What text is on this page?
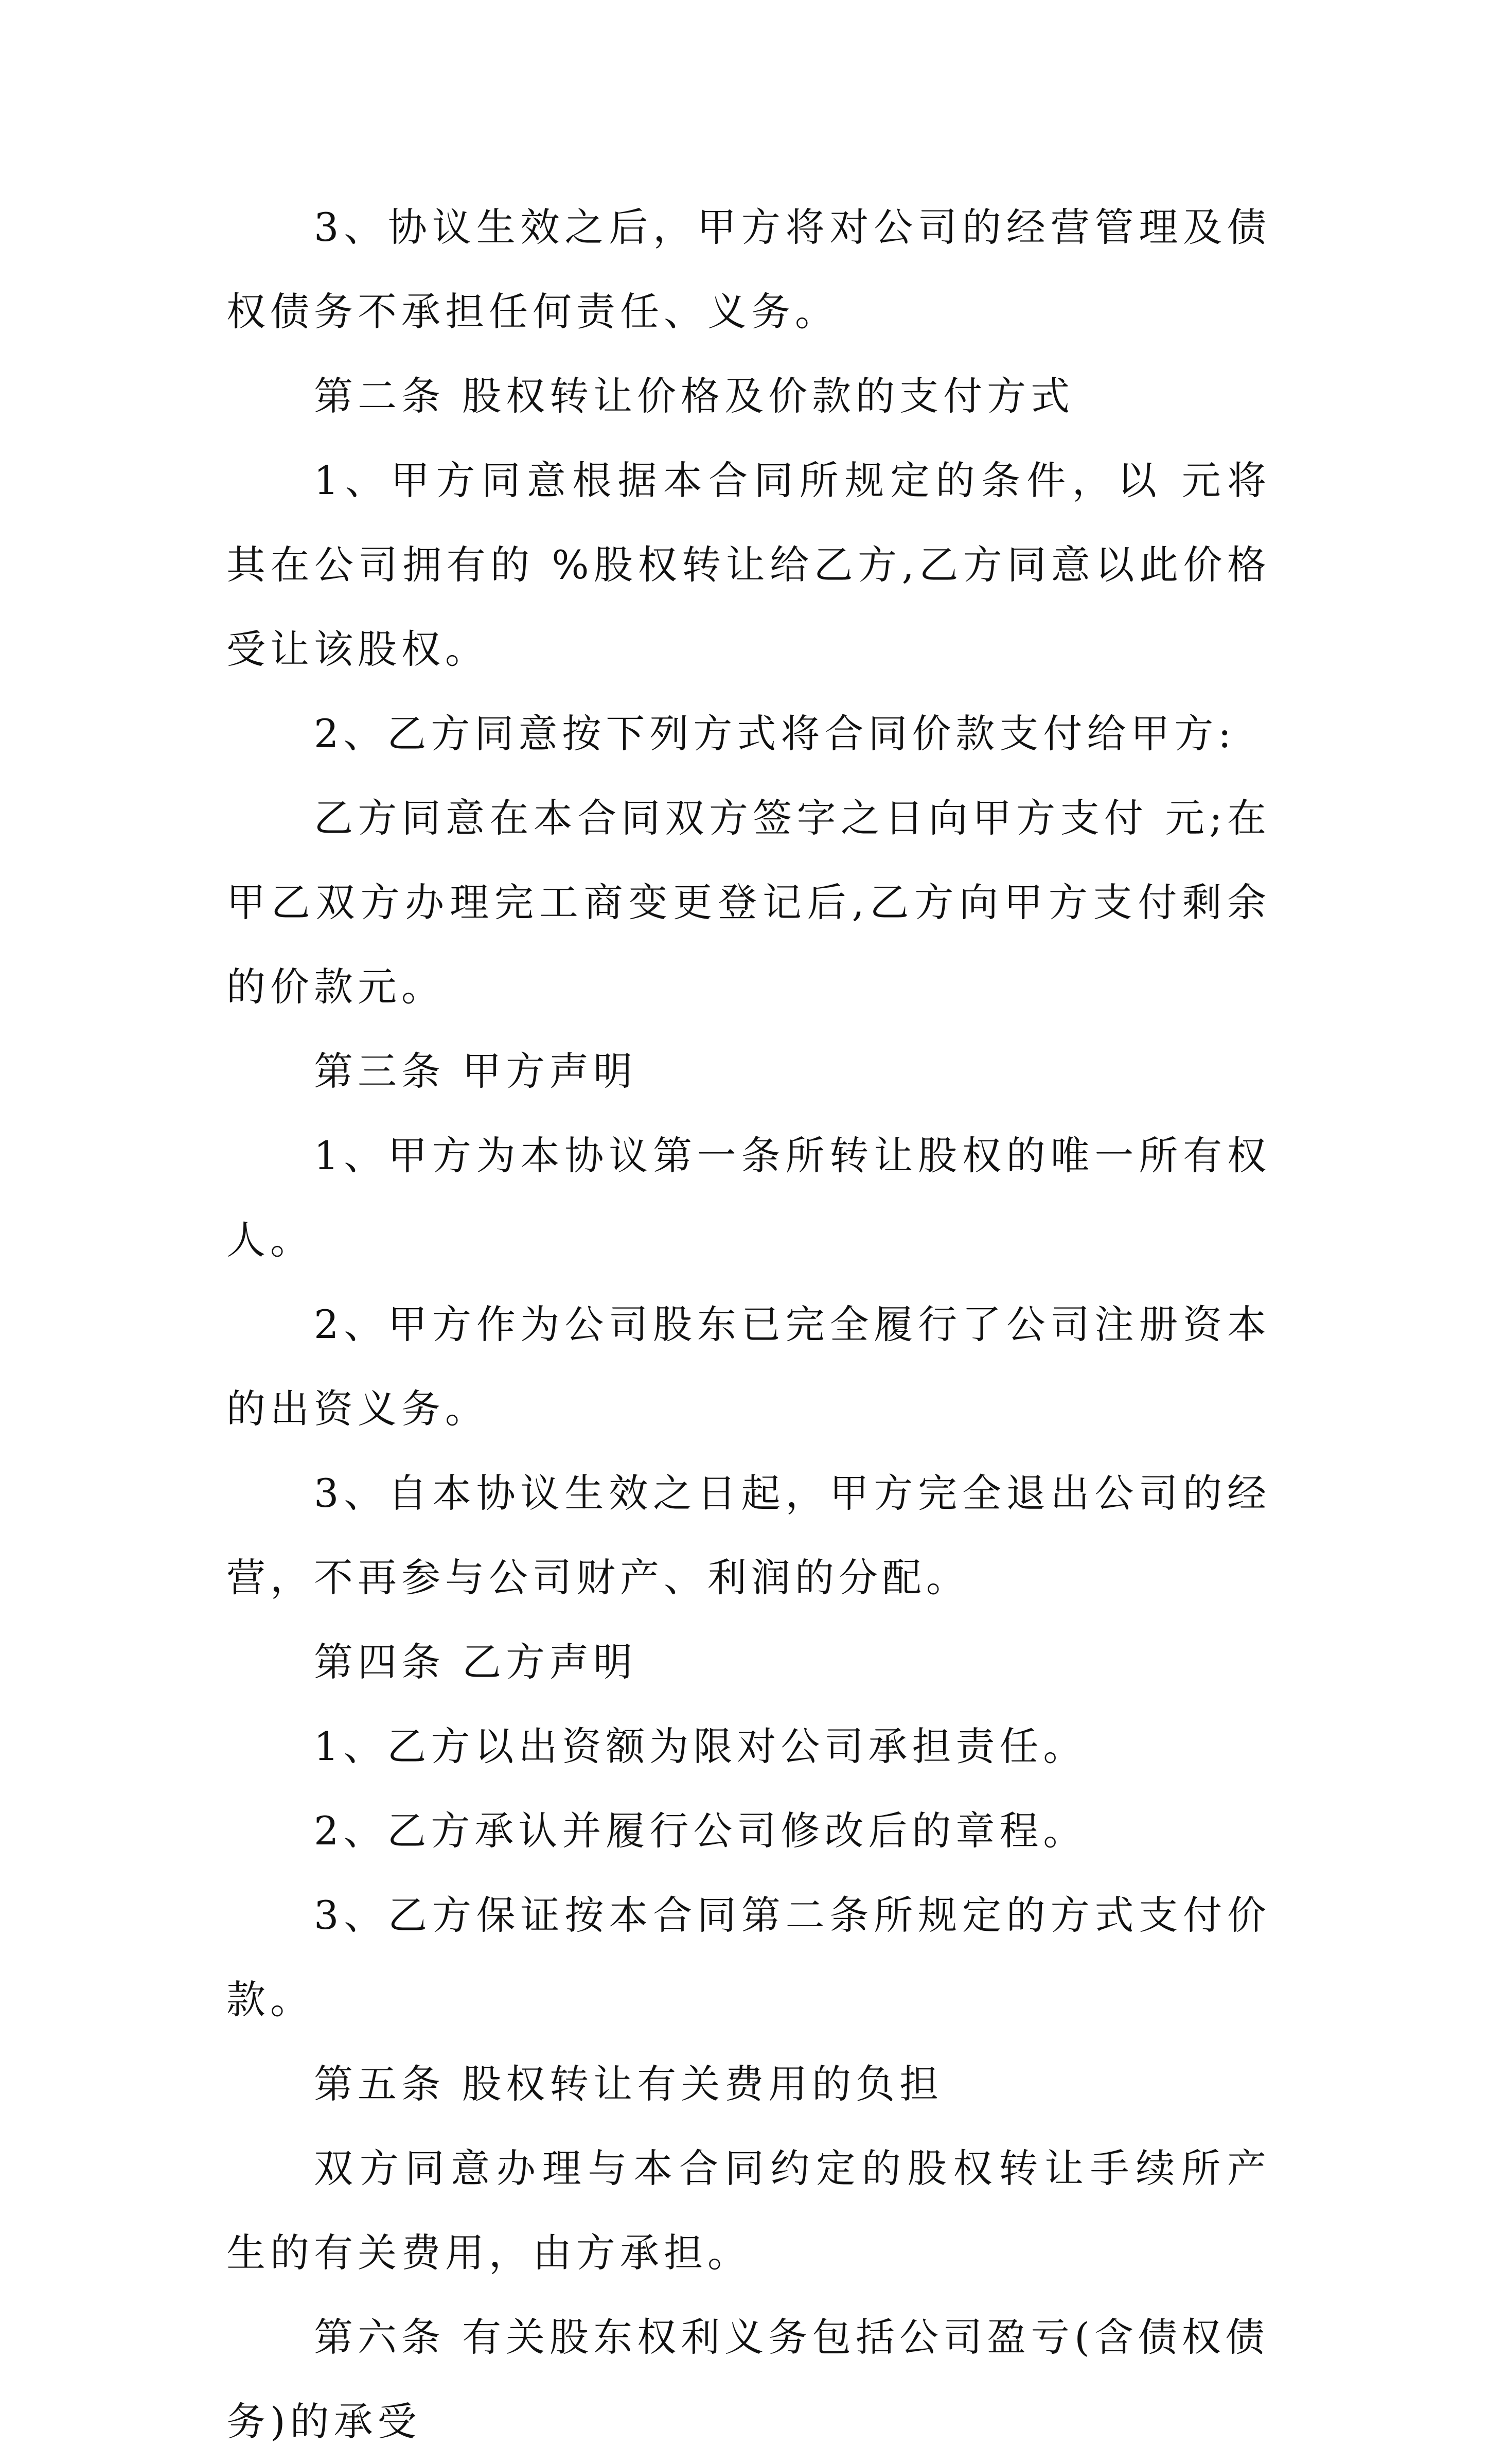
3、协议生效之后，甲方将对公司的经营管理及债权债务不承担任何责任、义务。

第二条 股权转让价格及价款的支付方式

1、甲方同意根据本合同所规定的条件，以 元将其在公司拥有的 %股权转让给乙方,乙方同意以此价格受让该股权。

2、乙方同意按下列方式将合同价款支付给甲方:

乙方同意在本合同双方签字之日向甲方支付 元;在甲乙双方办理完工商变更登记后,乙方向甲方支付剩余的价款元。

第三条 甲方声明

1、甲方为本协议第一条所转让股权的唯一所有权人。

2、甲方作为公司股东已完全履行了公司注册资本的出资义务。

3、自本协议生效之日起，甲方完全退出公司的经营，不再参与公司财产、利润的分配。

第四条 乙方声明

1、乙方以出资额为限对公司承担责任。

2、乙方承认并履行公司修改后的章程。

3、乙方保证按本合同第二条所规定的方式支付价款。

第五条 股权转让有关费用的负担

双方同意办理与本合同约定的股权转让手续所产生的有关费用，由方承担。

第六条 有关股东权利义务包括公司盈亏(含债权债务)的承受
